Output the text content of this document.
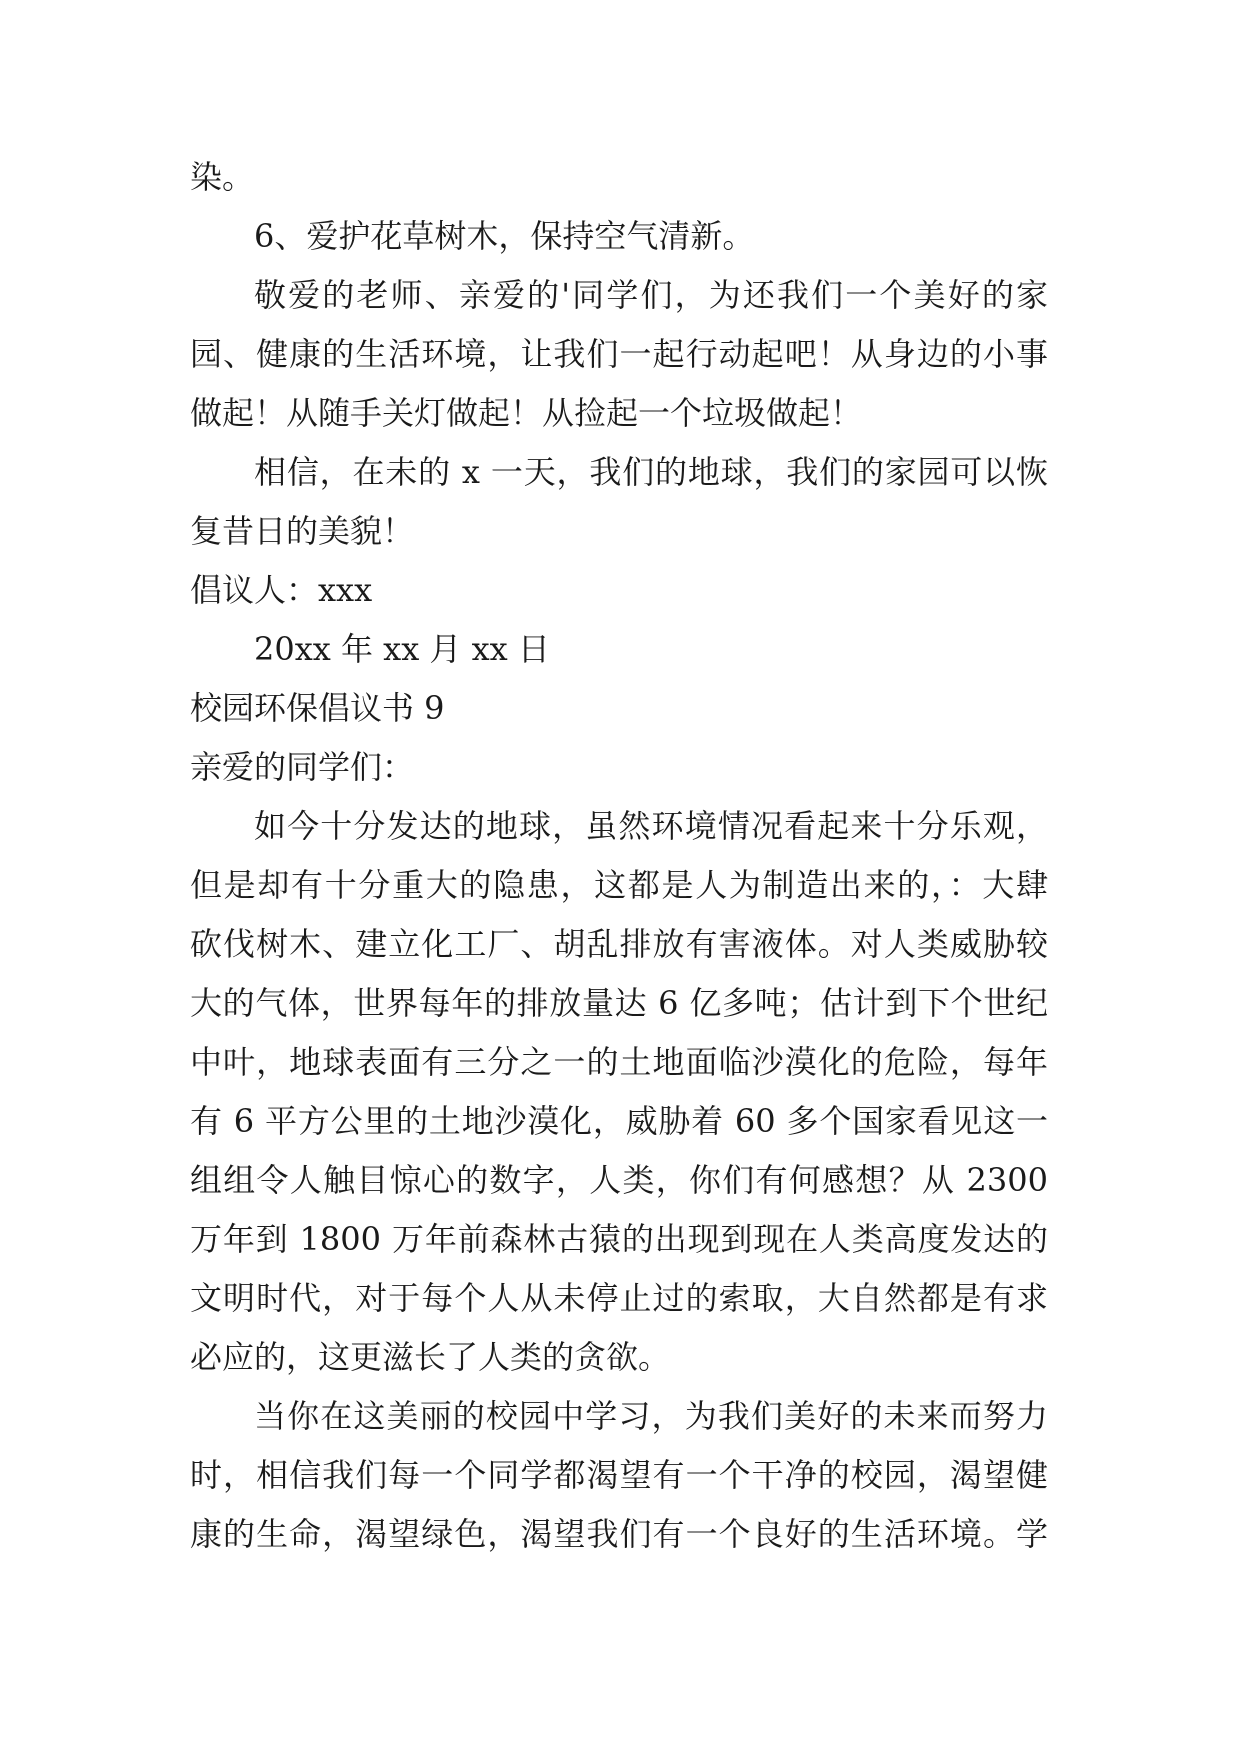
染。

6、爱护花草树木，保持空气清新。

敬爱的老师、亲爱的'同学们，为还我们一个美好的家

园、健康的生活环境，让我们一起行动起吧！从身边的小事

做起！从随手关灯做起！从捡起一个垃圾做起！

相信，在未的 x 一天，我们的地球，我们的家园可以恢

复昔日的美貌！

倡议人：xxx

20xx 年 xx 月 xx 日

校园环保倡议书 9

亲爱的同学们：

如今十分发达的地球，虽然环境情况看起来十分乐观，

但是却有十分重大的隐患，这都是人为制造出来的，：大肆

砍伐树木、建立化工厂、胡乱排放有害液体。对人类威胁较

大的气体，世界每年的排放量达 6 亿多吨；估计到下个世纪

中叶，地球表面有三分之一的土地面临沙漠化的危险，每年

有 6 平方公里的土地沙漠化，威胁着 60 多个国家看见这一

组组令人触目惊心的数字，人类，你们有何感想？从 2300

万年到 1800 万年前森林古猿的出现到现在人类高度发达的

文明时代，对于每个人从未停止过的索取，大自然都是有求

必应的，这更滋长了人类的贪欲。

当你在这美丽的校园中学习，为我们美好的未来而努力

时，相信我们每一个同学都渴望有一个干净的校园，渴望健

康的生命，渴望绿色，渴望我们有一个良好的生活环境。学
